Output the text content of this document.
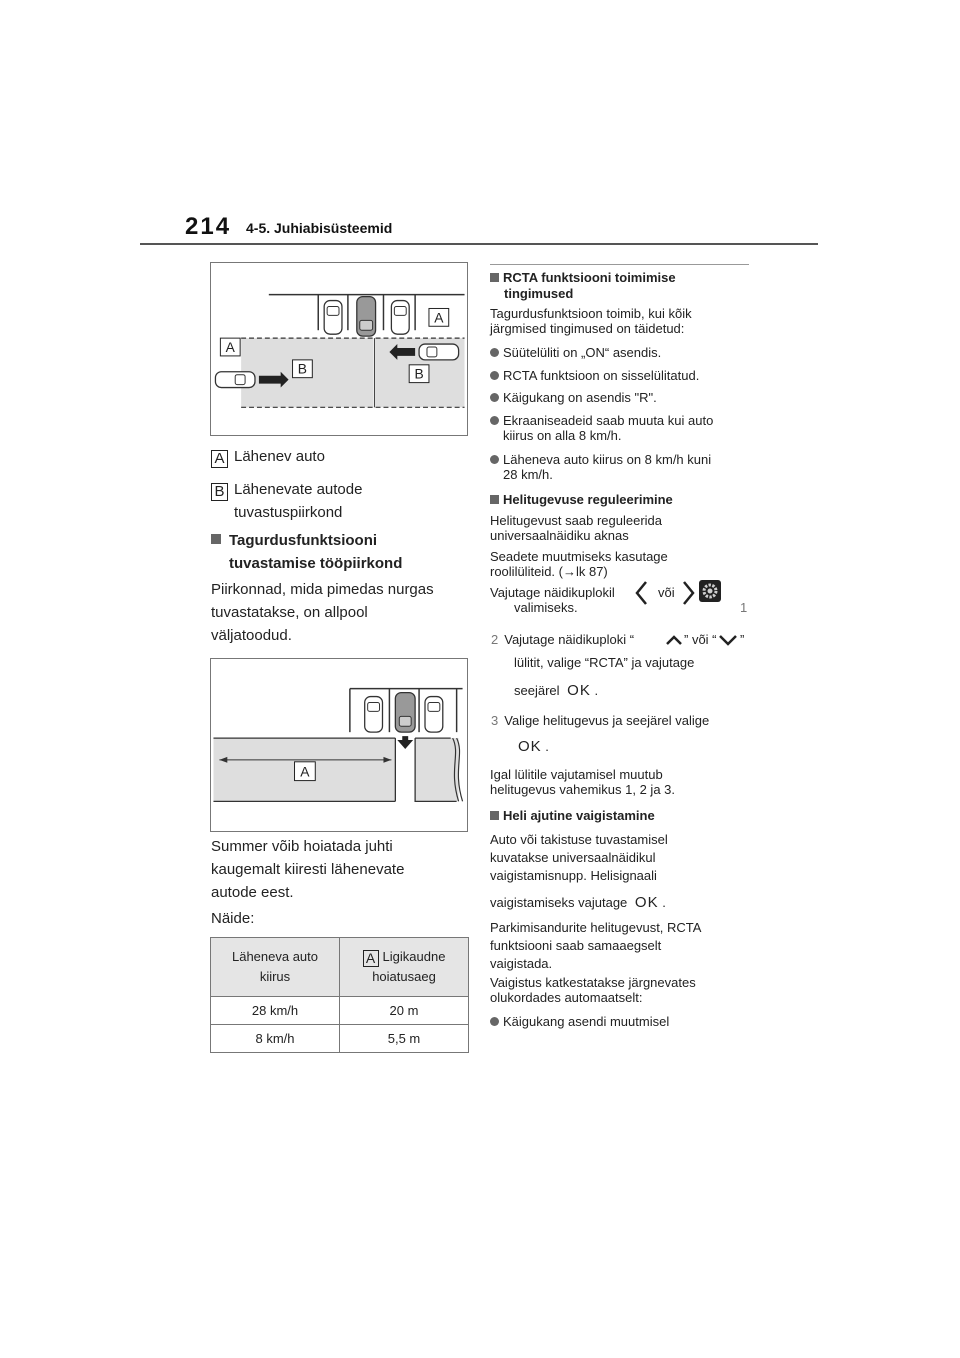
214 4-5. Juhiabisüsteemid
A
A
B	B
A Lähenev auto
B Lähenevate autode
tuvastuspiirkond
Tagurdusfunktsiooni
tuvastamise tööpiirkond
Piirkonnad, mida pimedas nurgas
tuvastatakse, on allpool
väljatoodud.
A
Summer võib hoiatada juhti
kaugemalt kiiresti lähenevate
autode eest.
Näide:
Läheneva auto
kiirus	A Ligikaudne
hoiatusaeg
28 km/h	20 m
8 km/h	5,5 m
RCTA funktsiooni toimimise
tingimused
Tagurdusfunktsioon toimib, kui kõik
järgmised tingimused on täidetud:
Süütelüliti on „ON“ asendis.
RCTA funktsioon on sisselülitatud.
Käigukang on asendis "R".
Ekraaniseadeid saab muuta kui auto
kiirus on alla 8 km/h.
Läheneva auto kiirus on 8 km/h kuni
28 km/h.
Helitugevuse reguleerimine
Helitugevust saab reguleerida
universaalnäidiku aknas
Seadete muutmiseks kasutage
roolilüliteid. (→lk 87)
Vajutage näidikuplokil	või
valimiseks.	1
2 Vajutage näidikuploki “	” või “ ”
lülitit, valige “RCTA” ja vajutage
seejärel OK .
3 Valige helitugevus ja seejärel valige
OK .
Igal lülitile vajutamisel muutub
helitugevus vahemikus 1, 2 ja 3.
Heli ajutine vaigistamine
Auto või takistuse tuvastamisel
kuvatakse universaalnäidikul
vaigistamisnupp. Helisignaali
vaigistamiseks vajutage OK .
Parkimisandurite helitugevust, RCTA
funktsiooni saab samaaegselt
vaigistada.
Vaigistus katkestatakse järgnevates
olukordades automaatselt:
Käigukang asendi muutmisel
